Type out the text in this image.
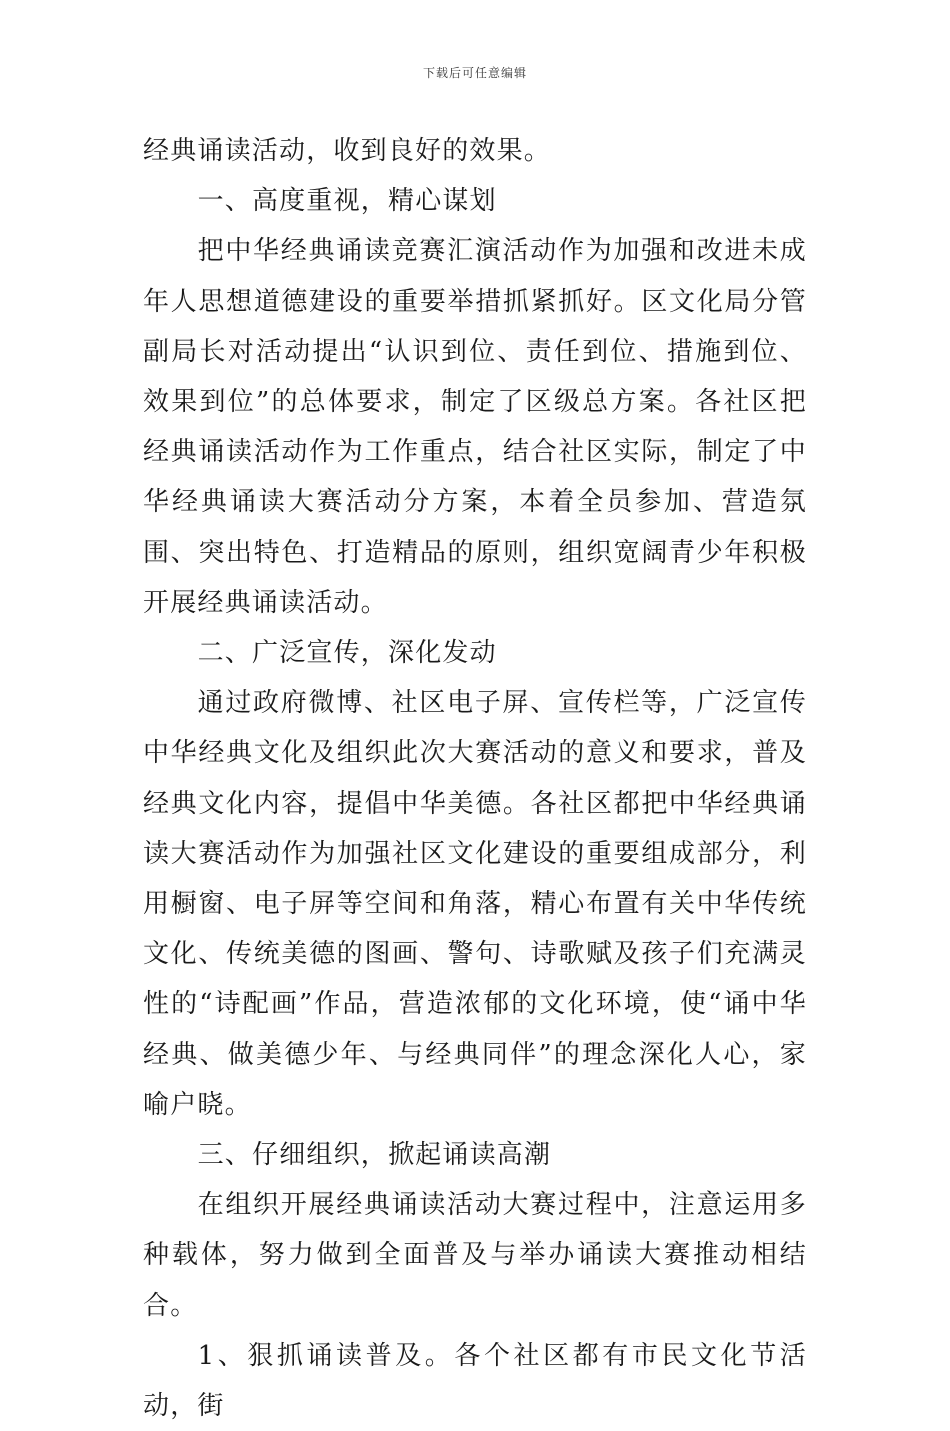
下载后可任意编辑

经典诵读活动，收到良好的效果。

一、高度重视，精心谋划

把中华经典诵读竞赛汇演活动作为加强和改进未成年人思想道德建设的重要举措抓紧抓好。区文化局分管副局长对活动提出“认识到位、责任到位、措施到位、效果到位”的总体要求，制定了区级总方案。各社区把经典诵读活动作为工作重点，结合社区实际，制定了中华经典诵读大赛活动分方案，本着全员参加、营造氛围、突出特色、打造精品的原则，组织宽阔青少年积极开展经典诵读活动。

二、广泛宣传，深化发动

通过政府微博、社区电子屏、宣传栏等，广泛宣传中华经典文化及组织此次大赛活动的意义和要求，普及经典文化内容，提倡中华美德。各社区都把中华经典诵读大赛活动作为加强社区文化建设的重要组成部分，利用橱窗、电子屏等空间和角落，精心布置有关中华传统文化、传统美德的图画、警句、诗歌赋及孩子们充满灵性的“诗配画”作品，营造浓郁的文化环境，使“诵中华经典、做美德少年、与经典同伴”的理念深化人心，家喻户晓。

三、仔细组织，掀起诵读高潮

在组织开展经典诵读活动大赛过程中，注意运用多种载体，努力做到全面普及与举办诵读大赛推动相结合。

1、狠抓诵读普及。各个社区都有市民文化节活动，街
